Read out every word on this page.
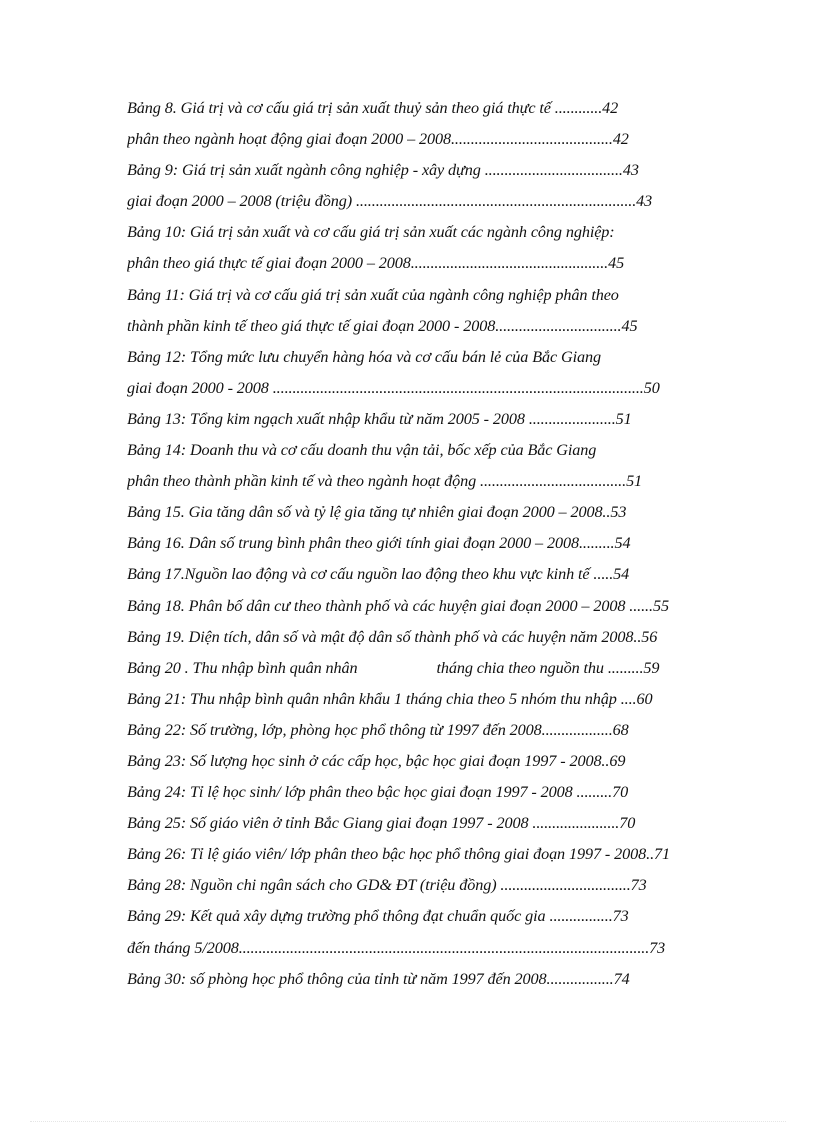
Bảng 8. Giá trị và cơ cấu giá trị sản xuất thuỷ sản theo giá thực tế ............42
phân theo ngành hoạt động giai đoạn 2000 – 2008.........................................42
Bảng 9: Giá trị sản xuất ngành công nghiệp - xây dựng ...................................43
giai đoạn 2000 – 2008 (triệu đồng) .......................................................................43
Bảng 10: Giá trị sản xuất và cơ cấu giá trị sản xuất các ngành công nghiệp:
phân theo giá thực tế giai đoạn 2000 – 2008..................................................45
Bảng 11: Giá trị và cơ cấu giá trị sản xuất của ngành công nghiệp phân theo
thành phần kinh tế theo giá thực tế giai đoạn 2000 - 2008................................45
Bảng 12: Tổng mức lưu chuyển hàng hóa và cơ cấu bán lẻ của Bắc Giang
giai đoạn 2000 - 2008 ..............................................................................................50
Bảng 13: Tổng kim ngạch xuất nhập khẩu từ năm 2005 - 2008 ......................51
Bảng 14: Doanh thu và cơ cấu doanh thu vận tải, bốc xếp của Bắc Giang
phân theo thành phần kinh tế và theo ngành hoạt động .....................................51
Bảng 15. Gia tăng dân số và tỷ lệ gia tăng tự nhiên giai đoạn 2000 – 2008..53
Bảng 16. Dân số trung bình phân theo giới tính giai đoạn 2000 – 2008.........54
Bảng 17.Nguồn lao động và cơ cấu nguồn lao động theo khu vực kinh tế .....54
Bảng 18. Phân bố dân cư theo thành phố và các huyện giai đoạn 2000 – 2008 ......55
Bảng 19. Diện tích, dân số và mật độ dân số thành phố và các huyện năm 2008..56
Bảng 20 . Thu nhập bình quân nhân                    tháng chia theo nguồn thu .........59
Bảng 21: Thu nhập bình quân nhân khẩu 1 tháng chia theo 5 nhóm thu nhập ....60
Bảng 22: Số trường, lớp, phòng học phổ thông từ 1997 đến 2008..................68
Bảng 23: Số lượng học sinh ở các cấp học, bậc học giai đoạn 1997 - 2008..69
Bảng 24: Tỉ lệ học sinh/ lớp phân theo bậc học giai đoạn 1997 - 2008 .........70
Bảng 25: Số giáo viên ở tỉnh Bắc Giang giai đoạn 1997 - 2008 ......................70
Bảng 26: Tỉ lệ giáo viên/ lớp phân theo bậc học phổ thông giai đoạn 1997 - 2008..71
Bảng 28: Nguồn chi ngân sách cho GD& ĐT (triệu đồng) .................................73
Bảng 29: Kết quả xây dựng trường phổ thông đạt chuẩn quốc gia ................73
đến tháng 5/2008........................................................................................................73
Bảng 30: số phòng học phổ thông của tỉnh từ năm 1997 đến 2008.................74
